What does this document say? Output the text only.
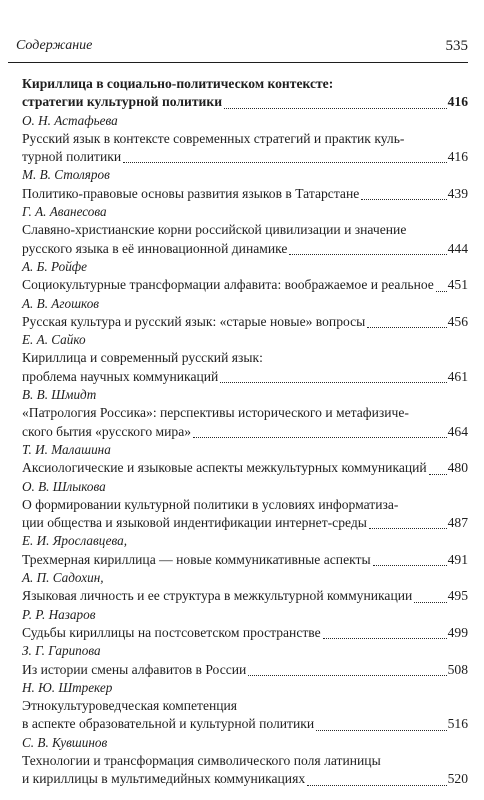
Содержание	535
Кириллица в социально-политическом контексте:
стратегии культурной политики	416
О. Н. Астафьева
Русский язык в контексте современных стратегий и практик куль-
турной политики	416
М. В. Столяров
Политико-правовые основы развития языков в Татарстане	439
Г. А. Аванесова
Славяно-христианские корни российской цивилизации и значение
русского языка в её инновационной динамике	444
А. Б. Ройфе
Социокультурные трансформации алфавита: воображаемое и реальное 451
А. В. Агошков
Русская культура и русский язык: «старые новые» вопросы	456
Е. А. Сайко
Кириллица и современный русский язык:
проблема научных коммуникаций	461
В. В. Шмидт
«Патрология Россика»: перспективы исторического и метафизиче-
ского бытия «русского мира»	464
Т. И. Малашина
Аксиологические и языковые аспекты межкультурных коммуникаций 480
О. В. Шлыкова
О формировании культурной политики в условиях информатиза-
ции общества и языковой индентификации интернет-среды	487
Е. И. Ярославцева,
Трехмерная кириллица — новые коммуникативные аспекты	491
А. П. Садохин,
Языковая личность и ее структура в межкультурной коммуникации	495
Р. Р. Назаров
Судьбы кириллицы на постсоветском пространстве	499
З. Г. Гарипова
Из истории смены алфавитов в России	508
Н. Ю. Штрекер
Этнокультуроведческая компетенция
в аспекте образовательной и культурной политики	516
С. В. Кувшинов
Технологии и трансформация символического поля латиницы
и кириллицы в мультимедийных коммуникациях	520
